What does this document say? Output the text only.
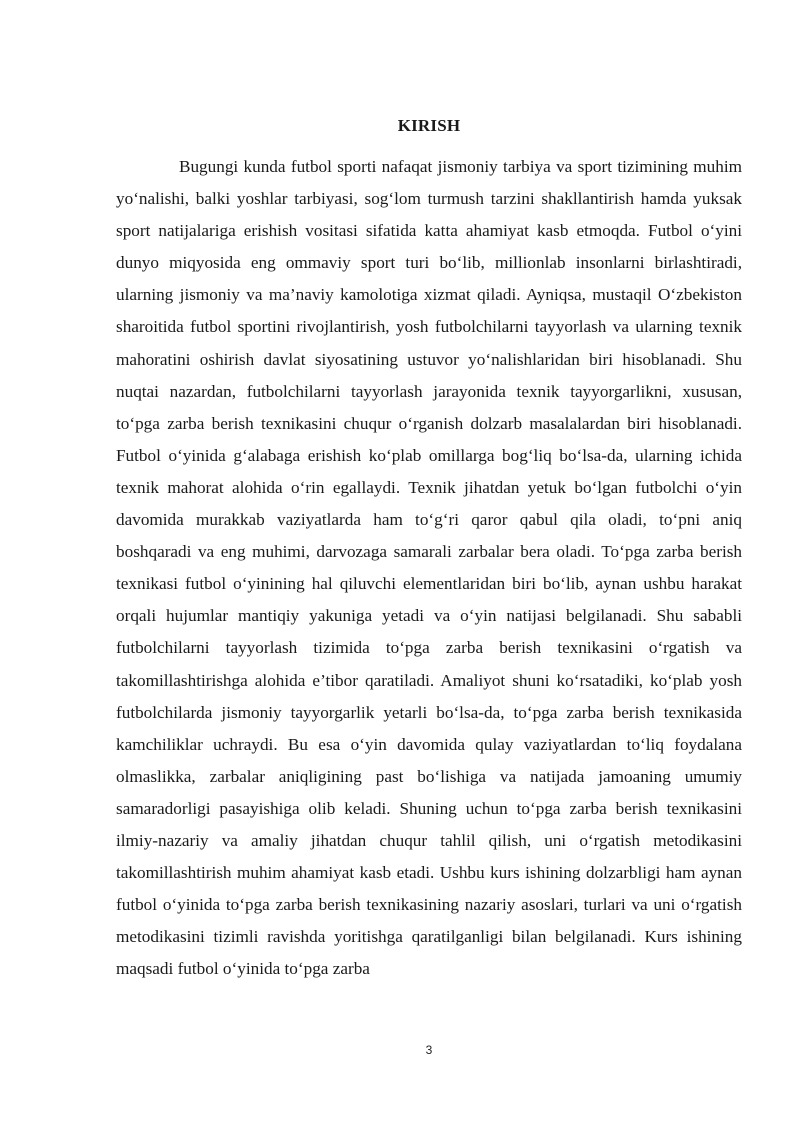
KIRISH

Bugungi kunda futbol sporti nafaqat jismoniy tarbiya va sport tizimining muhim yo‘nalishi, balki yoshlar tarbiyasi, sog‘lom turmush tarzini shakllantirish hamda yuksak sport natijalariga erishish vositasi sifatida katta ahamiyat kasb etmoqda. Futbol o‘yini dunyo miqyosida eng ommaviy sport turi bo‘lib, millionlab insonlarni birlashtiradi, ularning jismoniy va ma’naviy kamolotiga xizmat qiladi. Ayniqsa, mustaqil O‘zbekiston sharoitida futbol sportini rivojlantirish, yosh futbolchilarni tayyorlash va ularning texnik mahoratini oshirish davlat siyosatining ustuvor yo‘nalishlaridan biri hisoblanadi. Shu nuqtai nazardan, futbolchilarni tayyorlash jarayonida texnik tayyorgarlikni, xususan, to‘pga zarba berish texnikasini chuqur o‘rganish dolzarb masalalardan biri hisoblanadi. Futbol o‘yinida g‘alabaga erishish ko‘plab omillarga bog‘liq bo‘lsa-da, ularning ichida texnik mahorat alohida o‘rin egallaydi. Texnik jihatdan yetuk bo‘lgan futbolchi o‘yin davomida murakkab vaziyatlarda ham to‘g‘ri qaror qabul qila oladi, to‘pni aniq boshqaradi va eng muhimi, darvozaga samarali zarbalar bera oladi. To‘pga zarba berish texnikasi futbol o‘yinining hal qiluvchi elementlaridan biri bo‘lib, aynan ushbu harakat orqali hujumlar mantiqiy yakuniga yetadi va o‘yin natijasi belgilanadi. Shu sababli futbolchilarni tayyorlash tizimida to‘pga zarba berish texnikasini o‘rgatish va takomillashtirishga alohida e’tibor qaratiladi. Amaliyot shuni ko‘rsatadiki, ko‘plab yosh futbolchilarda jismoniy tayyorgarlik yetarli bo‘lsa-da, to‘pga zarba berish texnikasida kamchiliklar uchraydi. Bu esa o‘yin davomida qulay vaziyatlardan to‘liq foydalana olmaslikka, zarbalar aniqligining past bo‘lishiga va natijada jamoaning umumiy samaradorligi pasayishiga olib keladi. Shuning uchun to‘pga zarba berish texnikasini ilmiy-nazariy va amaliy jihatdan chuqur tahlil qilish, uni o‘rgatish metodikasini takomillashtirish muhim ahamiyat kasb etadi. Ushbu kurs ishining dolzarbligi ham aynan futbol o‘yinida to‘pga zarba berish texnikasining nazariy asoslari, turlari va uni o‘rgatish metodikasini tizimli ravishda yoritishga qaratilganligi bilan belgilanadi. Kurs ishining maqsadi futbol o‘yinida to‘pga zarba

3
